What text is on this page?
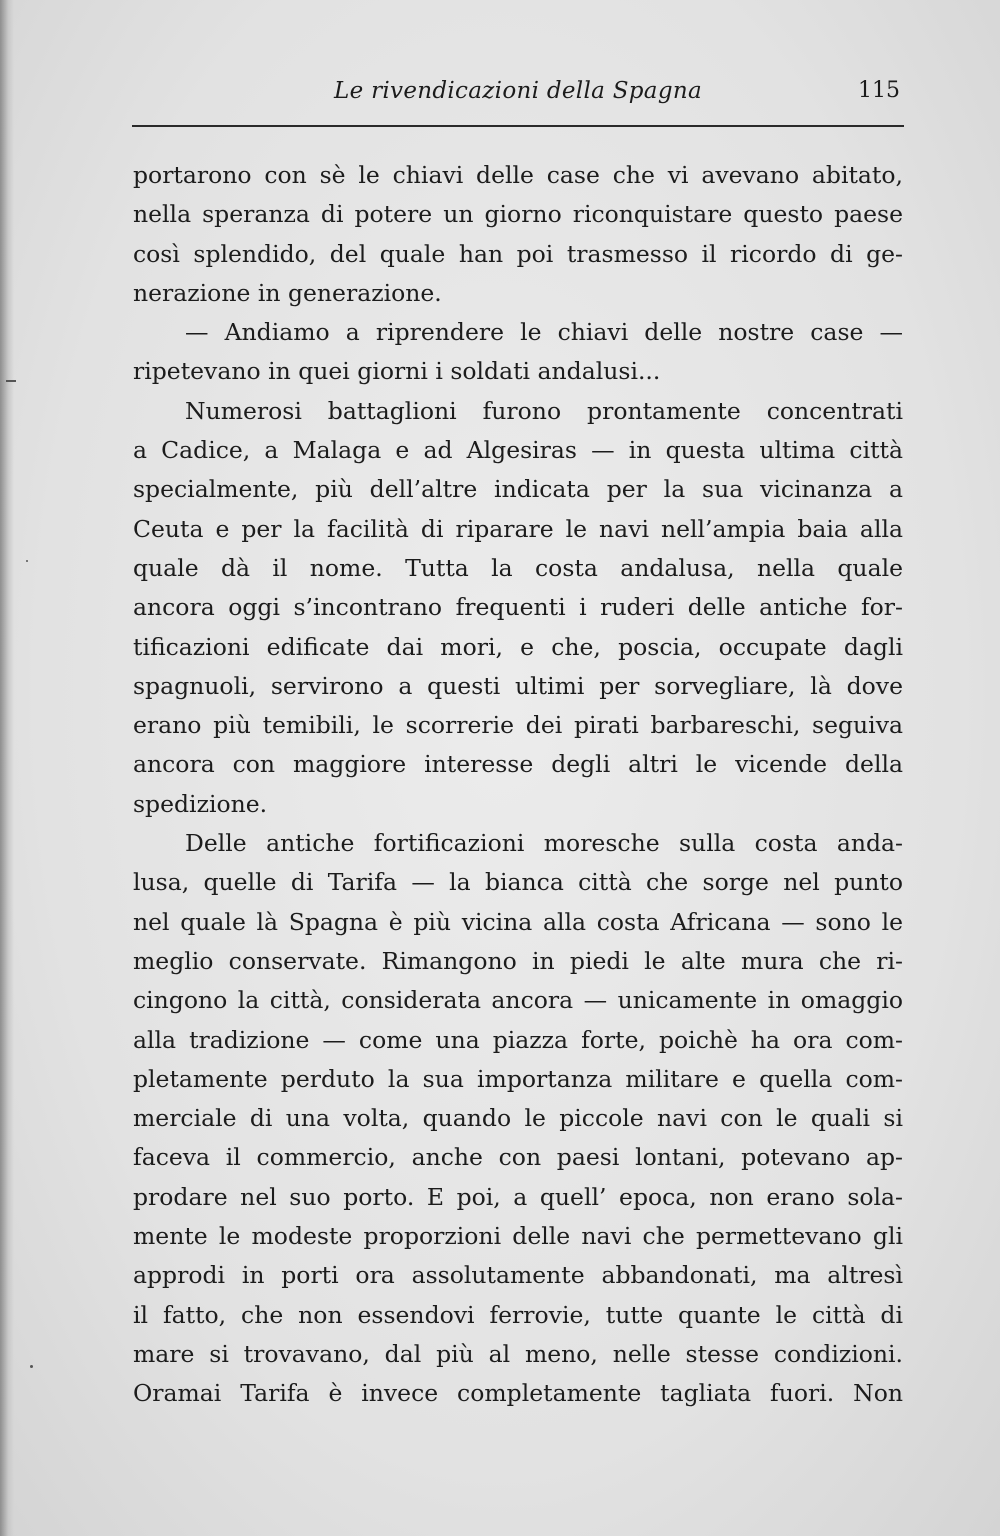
Le rivendicazioni della Spagna	115
portarono con sè le chiavi delle case che vi avevano abitato,
nella speranza di potere un giorno riconquistare questo paese
così splendido, del quale han poi trasmesso il ricordo di ge-
nerazione in generazione.
— Andiamo a riprendere le chiavi delle nostre case —
ripetevano in quei giorni i soldati andalusi...
Numerosi battaglioni furono prontamente concentrati
a Cadice, a Malaga e ad Algesiras — in questa ultima città
specialmente, più dell’altre indicata per la sua vicinanza a
Ceuta e per la facilità di riparare le navi nell’ampia baia alla
quale dà il nome. Tutta la costa andalusa, nella quale
ancora oggi s’incontrano frequenti i ruderi delle antiche for-
tificazioni edificate dai mori, e che, poscia, occupate dagli
spagnuoli, servirono a questi ultimi per sorvegliare, là dove
erano più temibili, le scorrerie dei pirati barbareschi, seguiva
ancora con maggiore interesse degli altri le vicende della
spedizione.
Delle antiche fortificazioni moresche sulla costa anda-
lusa, quelle di Tarifa — la bianca città che sorge nel punto
nel quale là Spagna è più vicina alla costa Africana — sono le
meglio conservate. Rimangono in piedi le alte mura che ri-
cingono la città, considerata ancora — unicamente in omaggio
alla tradizione — come una piazza forte, poichè ha ora com-
pletamente perduto la sua importanza militare e quella com-
merciale di una volta, quando le piccole navi con le quali si
faceva il commercio, anche con paesi lontani, potevano ap-
prodare nel suo porto. E poi, a quell’ epoca, non erano sola-
mente le modeste proporzioni delle navi che permettevano gli
approdi in porti ora assolutamente abbandonati, ma altresì
il fatto, che non essendovi ferrovie, tutte quante le città di
mare si trovavano, dal più al meno, nelle stesse condizioni.
Oramai Tarifa è invece completamente tagliata fuori. Non
